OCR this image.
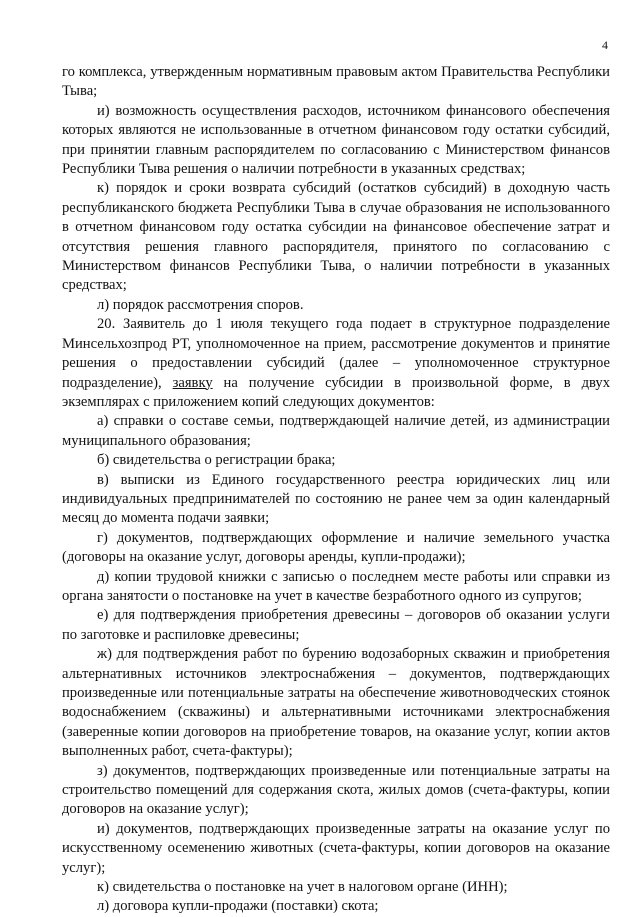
4

го комплекса, утвержденным нормативным правовым актом Правительства Республики Тыва;

и) возможность осуществления расходов, источником финансового обеспечения которых являются не использованные в отчетном финансовом году остатки субсидий, при принятии главным распорядителем по согласованию с Министерством финансов Республики Тыва решения о наличии потребности в указанных средствах;

к) порядок и сроки возврата субсидий (остатков субсидий) в доходную часть республиканского бюджета Республики Тыва в случае образования не использованного в отчетном финансовом году остатка субсидии на финансовое обеспечение затрат и отсутствия решения главного распорядителя, принятого по согласованию с Министерством финансов Республики Тыва, о наличии потребности в указанных средствах;

л) порядок рассмотрения споров.

20. Заявитель до 1 июля текущего года подает в структурное подразделение Минсельхозпрод РТ, уполномоченное на прием, рассмотрение документов и принятие решения о предоставлении субсидий (далее – уполномоченное структурное подразделение), заявку на получение субсидии в произвольной форме, в двух экземплярах с приложением копий следующих документов:

а) справки о составе семьи, подтверждающей наличие детей, из администрации муниципального образования;

б) свидетельства о регистрации брака;

в) выписки из Единого государственного реестра юридических лиц или индивидуальных предпринимателей по состоянию не ранее чем за один календарный месяц до момента подачи заявки;

г) документов, подтверждающих оформление и наличие земельного участка (договоры на оказание услуг, договоры аренды, купли-продажи);

д) копии трудовой книжки с записью о последнем месте работы или справки из органа занятости о постановке на учет в качестве безработного одного из супругов;

е) для подтверждения приобретения древесины – договоров об оказании услуги по заготовке и распиловке древесины;

ж) для подтверждения работ по бурению водозаборных скважин и приобретения альтернативных источников электроснабжения – документов, подтверждающих произведенные или потенциальные затраты на обеспечение животноводческих стоянок водоснабжением (скважины) и альтернативными источниками электроснабжения (заверенные копии договоров на приобретение товаров, на оказание услуг, копии актов выполненных работ, счета-фактуры);

з) документов, подтверждающих произведенные или потенциальные затраты на строительство помещений для содержания скота, жилых домов (счета-фактуры, копии договоров на оказание услуг);

и) документов, подтверждающих произведенные затраты на оказание услуг по искусственному осеменению животных (счета-фактуры, копии договоров на оказание услуг);

к) свидетельства о постановке на учет в налоговом органе (ИНН);

л) договора купли-продажи (поставки) скота;
